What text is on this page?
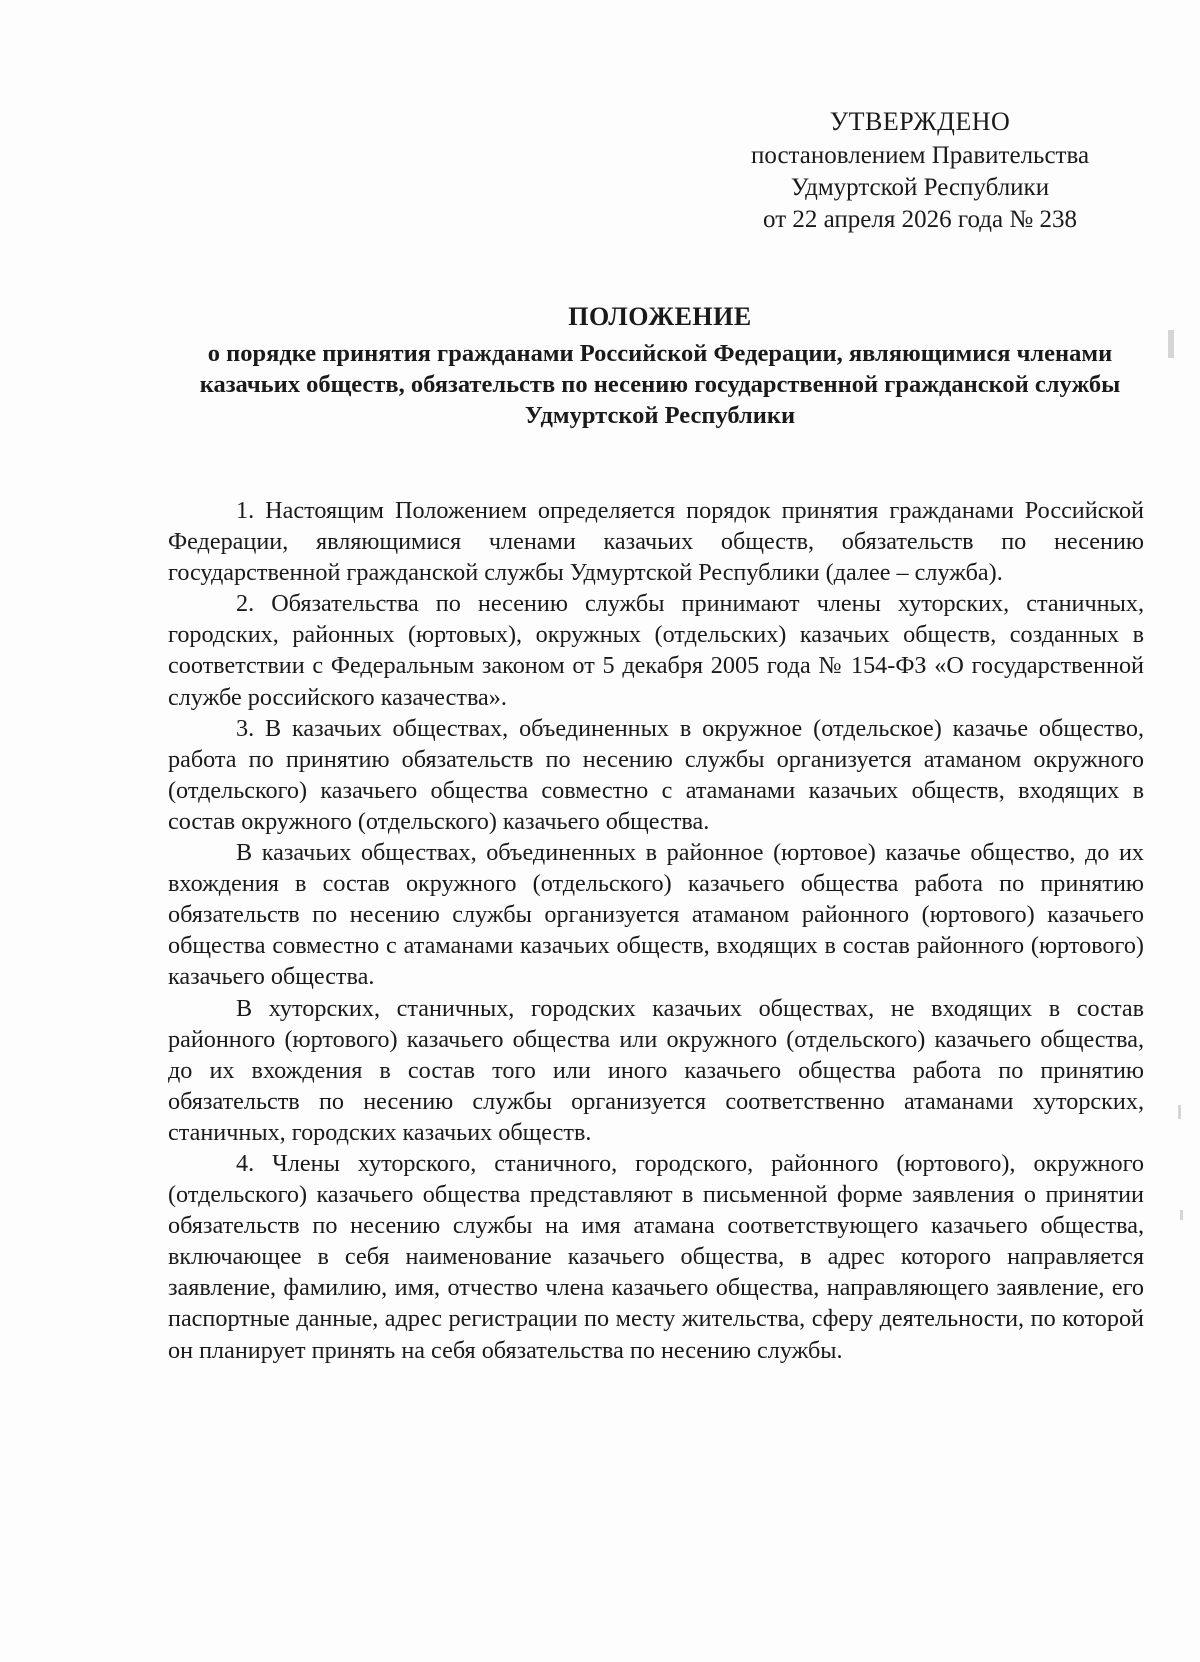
УТВЕРЖДЕНО
постановлением Правительства
Удмуртской Республики
от 22 апреля 2026 года № 238
ПОЛОЖЕНИЕ
о порядке принятия гражданами Российской Федерации, являющимися членами казачьих обществ, обязательств по несению государственной гражданской службы Удмуртской Республики

1. Настоящим Положением определяется порядок принятия гражданами Российской Федерации, являющимися членами казачьих обществ, обязательств по несению государственной гражданской службы Удмуртской Республики (далее – служба).

2. Обязательства по несению службы принимают члены хуторских, станичных, городских, районных (юртовых), окружных (отдельских) казачьих обществ, созданных в соответствии с Федеральным законом от 5 декабря 2005 года № 154-ФЗ «О государственной службе российского казачества».

3. В казачьих обществах, объединенных в окружное (отдельское) казачье общество, работа по принятию обязательств по несению службы организуется атаманом окружного (отдельского) казачьего общества совместно с атаманами казачьих обществ, входящих в состав окружного (отдельского) казачьего общества.

В казачьих обществах, объединенных в районное (юртовое) казачье общество, до их вхождения в состав окружного (отдельского) казачьего общества работа по принятию обязательств по несению службы организуется атаманом районного (юртового) казачьего общества совместно с атаманами казачьих обществ, входящих в состав районного (юртового) казачьего общества.

В хуторских, станичных, городских казачьих обществах, не входящих в состав районного (юртового) казачьего общества или окружного (отдельского) казачьего общества, до их вхождения в состав того или иного казачьего общества работа по принятию обязательств по несению службы организуется соответственно атаманами хуторских, станичных, городских казачьих обществ.

4. Члены хуторского, станичного, городского, районного (юртового), окружного (отдельского) казачьего общества представляют в письменной форме заявления о принятии обязательств по несению службы на имя атамана соответствующего казачьего общества, включающее в себя наименование казачьего общества, в адрес которого направляется заявление, фамилию, имя, отчество члена казачьего общества, направляющего заявление, его паспортные данные, адрес регистрации по месту жительства, сферу деятельности, по которой он планирует принять на себя обязательства по несению службы.
